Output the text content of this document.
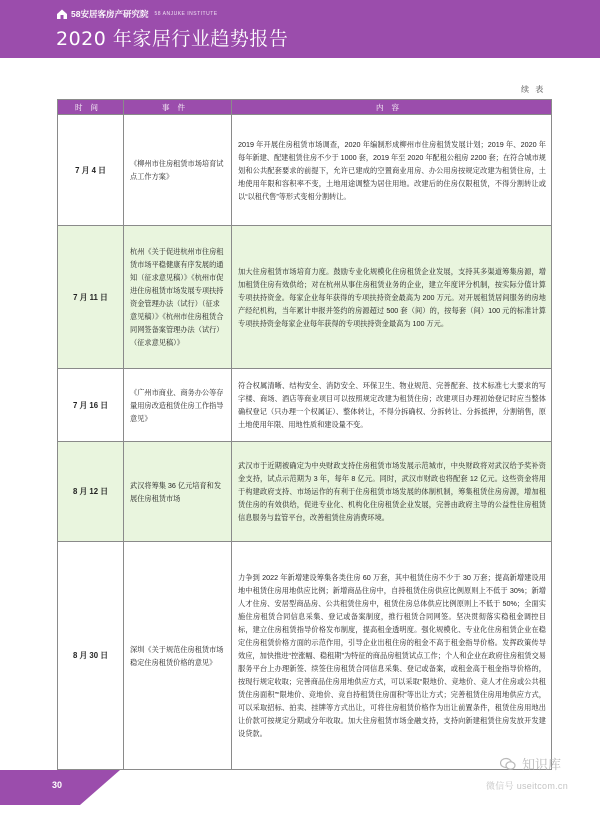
58安居客房产研究院 58 ANJUKE INSTITUTE
2020 年家居行业趋势报告
续 表
时间	事件	内容
7 月 4 日	《柳州市住房租赁市场培育试点工作方案》	2019 年开展住房租赁市场调查，2020 年编制形成柳州市住房租赁发展计划；2019 年、2020 年每年新建、配建租赁住房不少于 1000 套，2019 年至 2020 年配租公租房 2200 套；在符合城市规划和公共配套要求的前提下，允许已建成的空置商业用房、办公用房按规定改建为租赁住房，土地使用年限和容积率不变，土地用途调整为居住用地。改建后的住房仅限租赁，不得分割转让或以“以租代售”等形式变相分割转让。
7 月 11 日	杭州《关于促进杭州市住房租赁市场平稳健康有序发展的通知（征求意见稿）》《杭州市促进住房租赁市场发展专项扶持资金管理办法（试行）（征求意见稿）》《杭州市住房租赁合同网签备案管理办法（试行）（征求意见稿）》	加大住房租赁市场培育力度。鼓励专业化规模化住房租赁企业发展，支持其多渠道筹集房源，增加租赁住房有效供给；对在杭州从事住房租赁业务的企业，建立年度评分机制，按实际分值计算专项扶持资金。每家企业每年获得的专项扶持资金最高为 200 万元。对开展租赁居间服务的房地产经纪机构，当年累计申报并签约的房源超过 500 套（间）的，按每套（间）100 元的标准计算专项扶持资金每家企业每年获得的专项扶持资金最高为 100 万元。
7 月 16 日	《广州市商业、商务办公等存量用房改造租赁住房工作指导意见》	符合权属清晰、结构安全、消防安全、环保卫生、物业规范、完善配套、技术标准七大要求的写字楼、商场、酒店等商业项目可以按照规定改建为租赁住房；改建项目办理初始登记时应当整体确权登记（只办理一个权属证）、整体转让，不得分拆确权、分拆转让、分拆抵押，分割销售，原土地使用年限、用地性质和建设量不变。
8 月 12 日	武汉将筹集 36 亿元培育和发展住房租赁市场	武汉市于近期被确定为中央财政支持住房租赁市场发展示范城市，中央财政将对武汉给予奖补资金支持，试点示范期为 3 年，每年 8 亿元。同时，武汉市财政也将配套 12 亿元。这些资金将用于构建政府支持、市场运作的有利于住房租赁市场发展的体制机制，筹集租赁住房房源，增加租赁住房的有效供给，促进专业化、机构化住房租赁企业发展，完善由政府主导的公益性住房租赁信息服务与监管平台，改善租赁住房消费环境。
8 月 30 日	深圳《关于规范住房租赁市场稳定住房租赁价格的意见》	力争到 2022 年新增建设筹集各类住房 60 万套，其中租赁住房不少于 30 万套；提高新增建设用地中租赁住房用地供应比例；新增商品住房中，自持租赁住房供应比例原则上不低于 30%；新增人才住房、安居型商品房、公共租赁住房中，租赁住房总体供应比例原则上不低于 50%；全面实施住房租赁合同信息采集、登记或备案制度，推行租赁合同网签。坚决贯彻落实稳租金调控目标，建立住房租赁指导价格发布制度，提高租金透明度。强化规模化、专业化住房租赁企业在稳定住房租赁价格方面的示范作用，引导企业出租住房的租金不高于租金指导价格。发挥政策传导效应，加快推进“控涨幅、稳租期”为特征的商品房租赁试点工作；个人和企业在政府住房租赁交易服务平台上办理新签、续签住房租赁合同信息采集、登记或备案，或租金高于租金指导价格的，按现行规定收取；完善商品住房用地供应方式，可以采取“限地价、竞地价、竞人才住房或公共租赁住房面积”“限地价、竞地价、竞自持租赁住房面积”等出让方式；完善租赁住房用地供应方式，可以采取招标、拍卖、挂牌等方式出让，可将住房租赁价格作为出让前置条件，租赁住房用地出让价款可按规定分期或分年收取。加大住房租赁市场金融支持，支持向新建租赁住房发放开发建设贷款。
30
知识库
微信号 useitcom.cn
